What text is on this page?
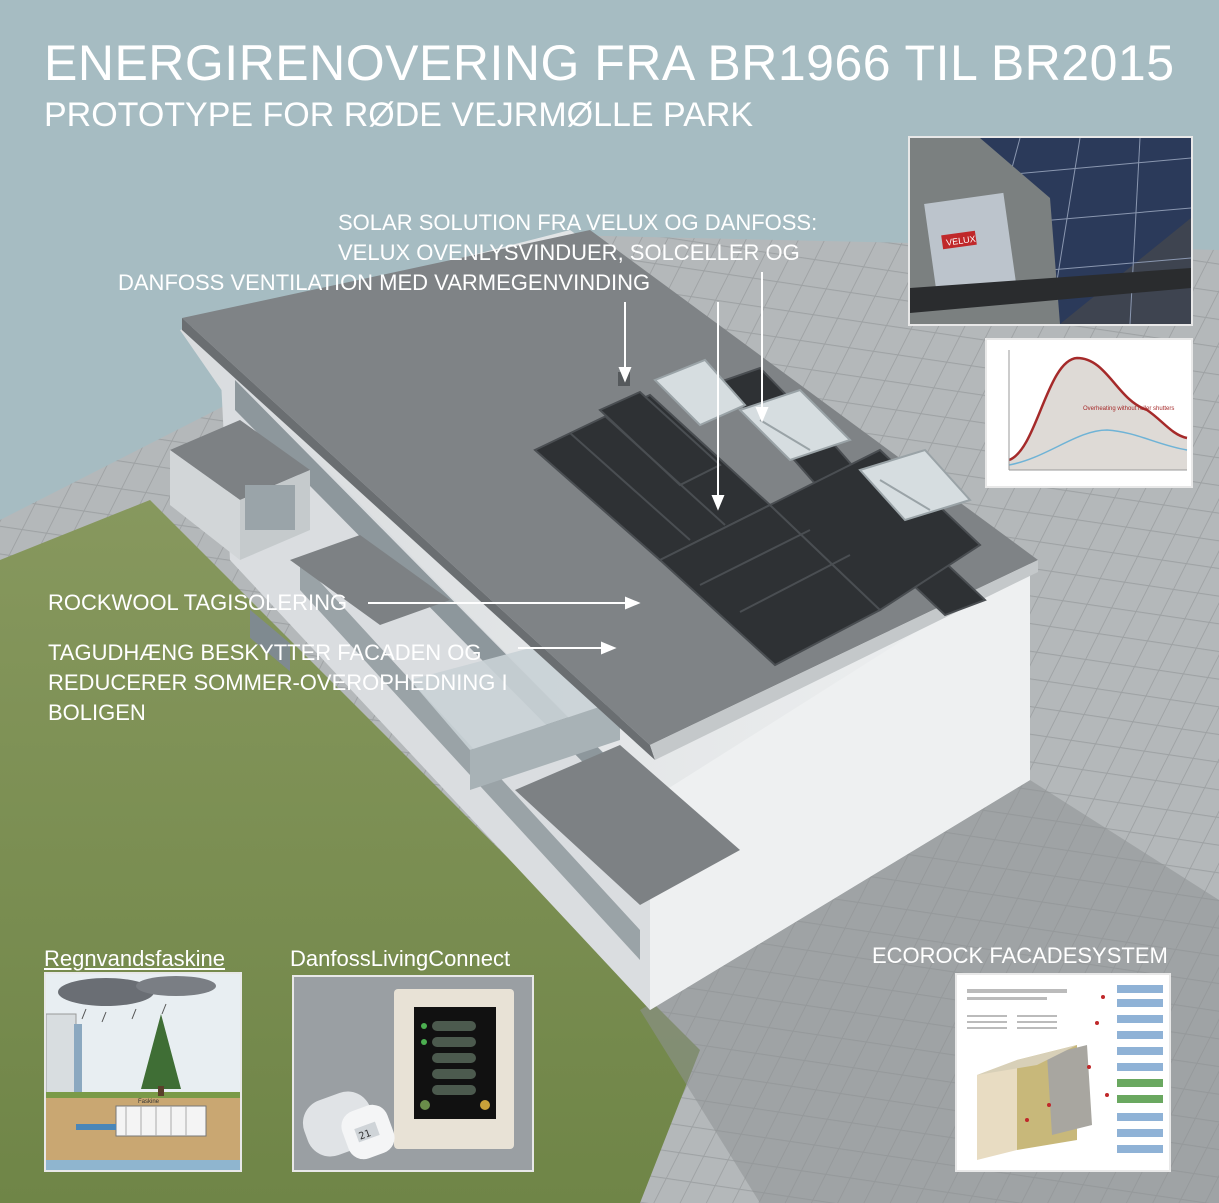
ENERGIRENOVERING FRA BR1966 TIL BR2015
PROTOTYPE FOR RØDE VEJRMØLLE PARK
SOLAR SOLUTION FRA VELUX OG DANFOSS:
VELUX OVENLYSVINDUER, SOLCELLER OG
DANFOSS VENTILATION MED VARMEGENVINDING
ROCKWOOL TAGISOLERING
TAGUDHÆNG BESKYTTER FACADEN OG
REDUCERER SOMMER-OVEROPHEDNING I
BOLIGEN
VELUX
Overheating without roller shutters
Regnvandsfaskine
Faskine
DanfossLivingConnect
21
ECOROCK FACADESYSTEM
